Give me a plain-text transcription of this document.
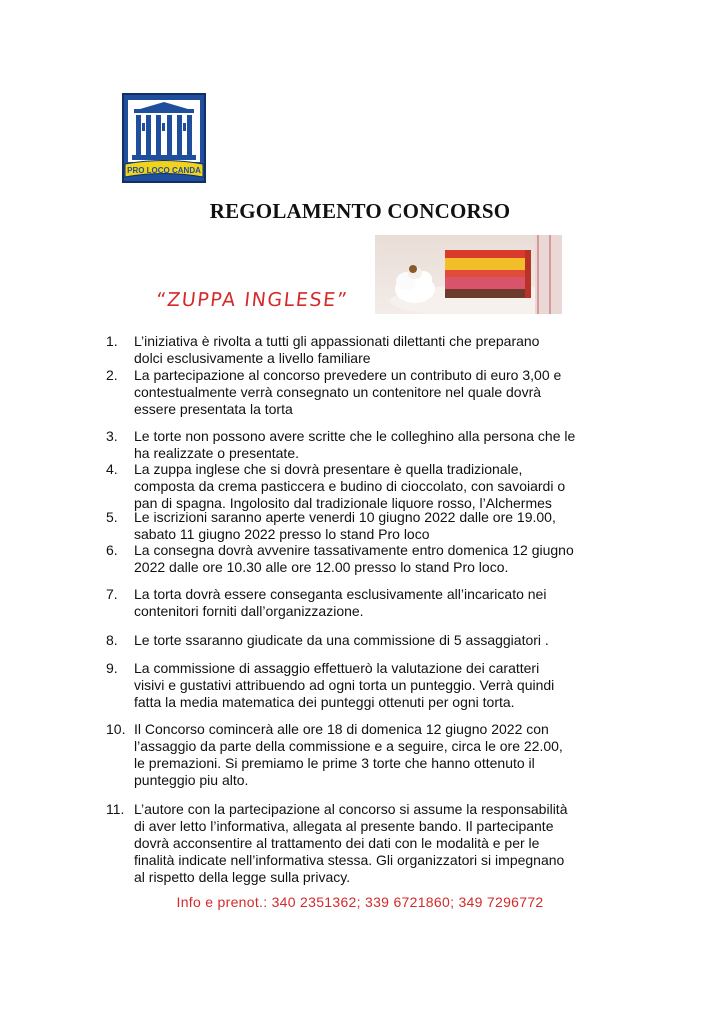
PRO LOCO CANDA
REGOLAMENTO CONCORSO
“ZUPPA INGLESE”
1. L’iniziativa è rivolta a tutti gli appassionati dilettanti che preparano
dolci esclusivamente a livello familiare
2. La partecipazione al concorso prevedere un contributo di euro 3,00 e
contestualmente verrà consegnato un contenitore nel quale dovrà
essere presentata la torta
3. Le torte non possono avere scritte che le colleghino alla persona che le
ha realizzate o presentate.
4. La zuppa inglese che si dovrà presentare è quella tradizionale,
composta da crema pasticcera e budino di cioccolato, con savoiardi o
pan di spagna. Ingolosito dal tradizionale liquore rosso, l’Alchermes
5. Le iscrizioni saranno aperte venerdi 10 giugno 2022 dalle ore 19.00,
sabato 11 giugno 2022 presso lo stand Pro loco
6. La consegna dovrà avvenire tassativamente entro domenica 12 giugno
2022 dalle ore 10.30 alle ore 12.00 presso lo stand Pro loco.
7. La torta dovrà essere conseganta esclusivamente all’incaricato nei
contenitori forniti dall’organizzazione.
8. Le torte ssaranno giudicate da una commissione di 5 assaggiatori .
9. La commissione di assaggio effettuerò la valutazione dei caratteri
visivi e gustativi attribuendo ad ogni torta un punteggio. Verrà quindi
fatta la media matematica dei punteggi ottenuti per ogni torta.
10. Il Concorso comincerà alle ore 18 di domenica 12 giugno 2022 con
l’assaggio da parte della commissione e a seguire, circa le ore 22.00,
le premazioni. Si premiamo le prime 3 torte che hanno ottenuto il
punteggio piu alto.
11. L’autore con la partecipazione al concorso si assume la responsabilità
di aver letto l’informativa, allegata al presente bando. Il partecipante
dovrà acconsentire al trattamento dei dati con le modalità e per le
finalità indicate nell’informativa stessa. Gli organizzatori si impegnano
al rispetto della legge sulla privacy.
Info e prenot.: 340 2351362; 339 6721860; 349 7296772
